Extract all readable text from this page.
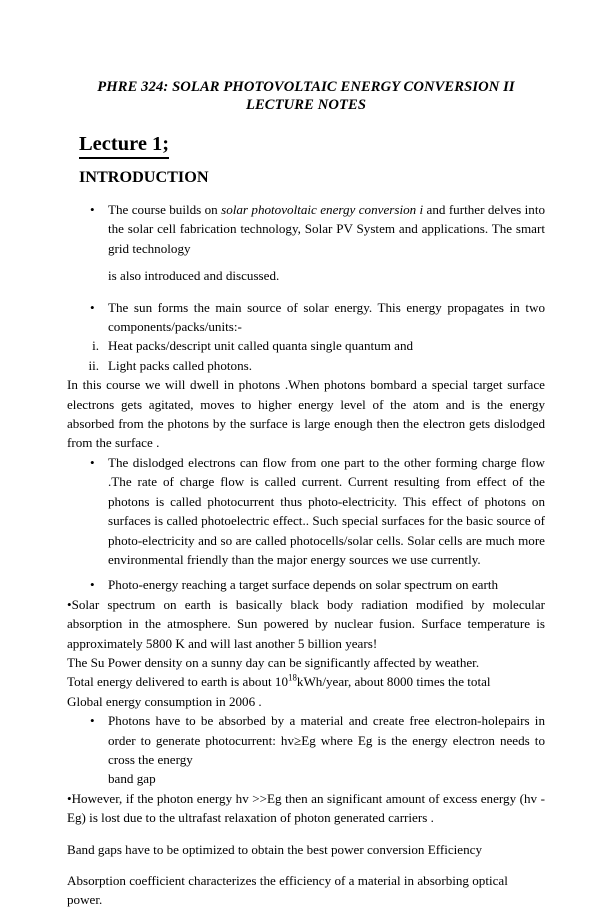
PHRE 324: SOLAR PHOTOVOLTAIC ENERGY CONVERSION II
LECTURE NOTES
Lecture 1;
INTRODUCTION
• The course builds on solar photovoltaic energy conversion i and further delves into the solar cell fabrication technology, Solar PV System and applications. The smart grid technology
is also introduced and discussed.
• The sun forms the main source of solar energy. This energy propagates in two components/packs/units:-
i. Heat packs/descript unit called quanta single quantum and
ii. Light packs called photons.
In this course we will dwell in photons .When photons bombard a special target surface electrons gets agitated, moves to higher energy level of the atom and is the energy absorbed from the photons by the surface is large enough then the electron gets dislodged from the surface .
• The dislodged electrons can flow from one part to the other forming charge flow .The rate of charge flow is called current. Current resulting from effect of the photons is called photocurrent thus photo-electricity. This effect of photons on surfaces is called photoelectric effect.. Such special surfaces for the basic source of photo-electricity and so are called photocells/solar cells. Solar cells are much more environmental friendly than the major energy sources we use currently.
• Photo-energy reaching a target surface depends on solar spectrum on earth
•Solar spectrum on earth is basically black body radiation modified by molecular absorption in the atmosphere. Sun powered by nuclear fusion. Surface temperature is approximately 5800 K and will last another 5 billion years!
The Su Power density on a sunny day can be significantly affected by weather.
Total energy delivered to earth is about $10^{18}kWh$/year, about 8000 times the total
Global energy consumption in 2006 .
• Photons have to be absorbed by a material and create free electron-holepairs in order to generate photocurrent: hv≥Eg where Eg is the energy electron needs to cross the energy
band gap
•However, if the photon energy hv >>Eg then an significant amount of excess energy (hv -Eg) is lost due to the ultrafast relaxation of photon generated carriers .
Band gaps have to be optimized to obtain the best power conversion Efficiency
Absorption coefficient characterizes the efficiency of a material in absorbing optical power.
